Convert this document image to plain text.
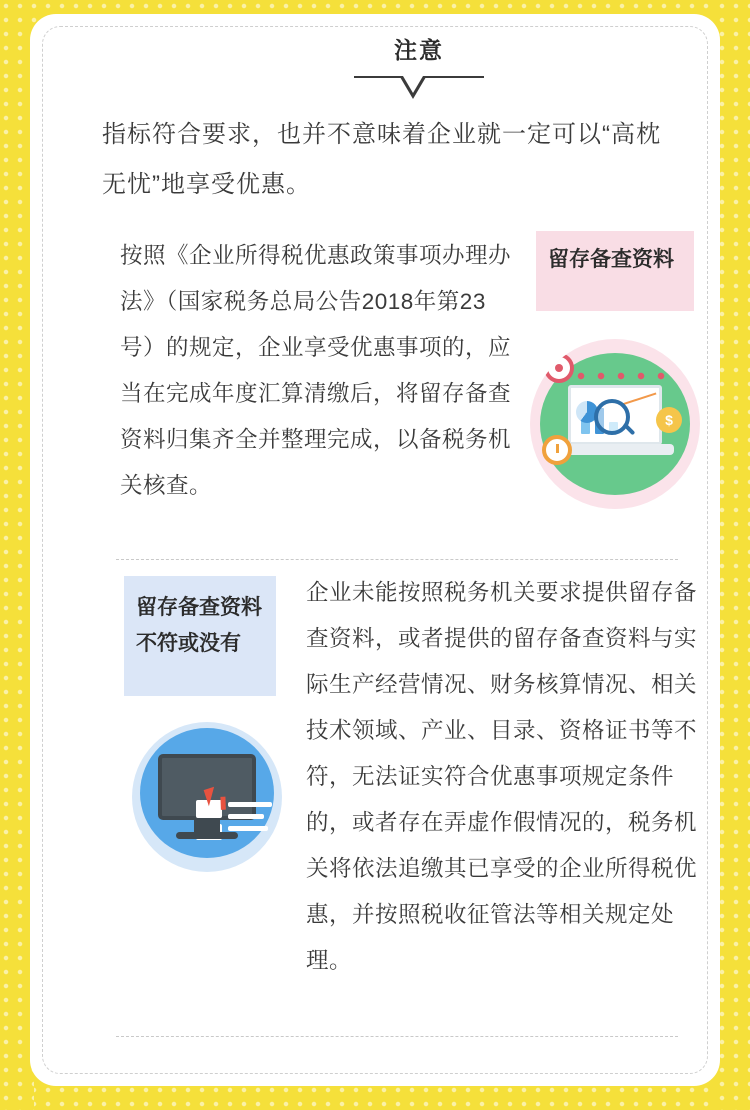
注意
指标符合要求，也并不意味着企业就一定可以“高枕无忧”地享受优惠。
按照《企业所得税优惠政策事项办理办法》（国家税务总局公告2018年第23号）的规定，企业享受优惠事项的，应当在完成年度汇算清缴后，将留存备查资料归集齐全并整理完成，以备税务机关核查。
留存备查资料
$
留存备查资料不符或没有
企业未能按照税务机关要求提供留存备查资料，或者提供的留存备查资料与实际生产经营情况、财务核算情况、相关技术领域、产业、目录、资格证书等不符，无法证实符合优惠事项规定条件的，或者存在弄虚作假情况的，税务机关将依法追缴其已享受的企业所得税优惠，并按照税收征管法等相关规定处理。
